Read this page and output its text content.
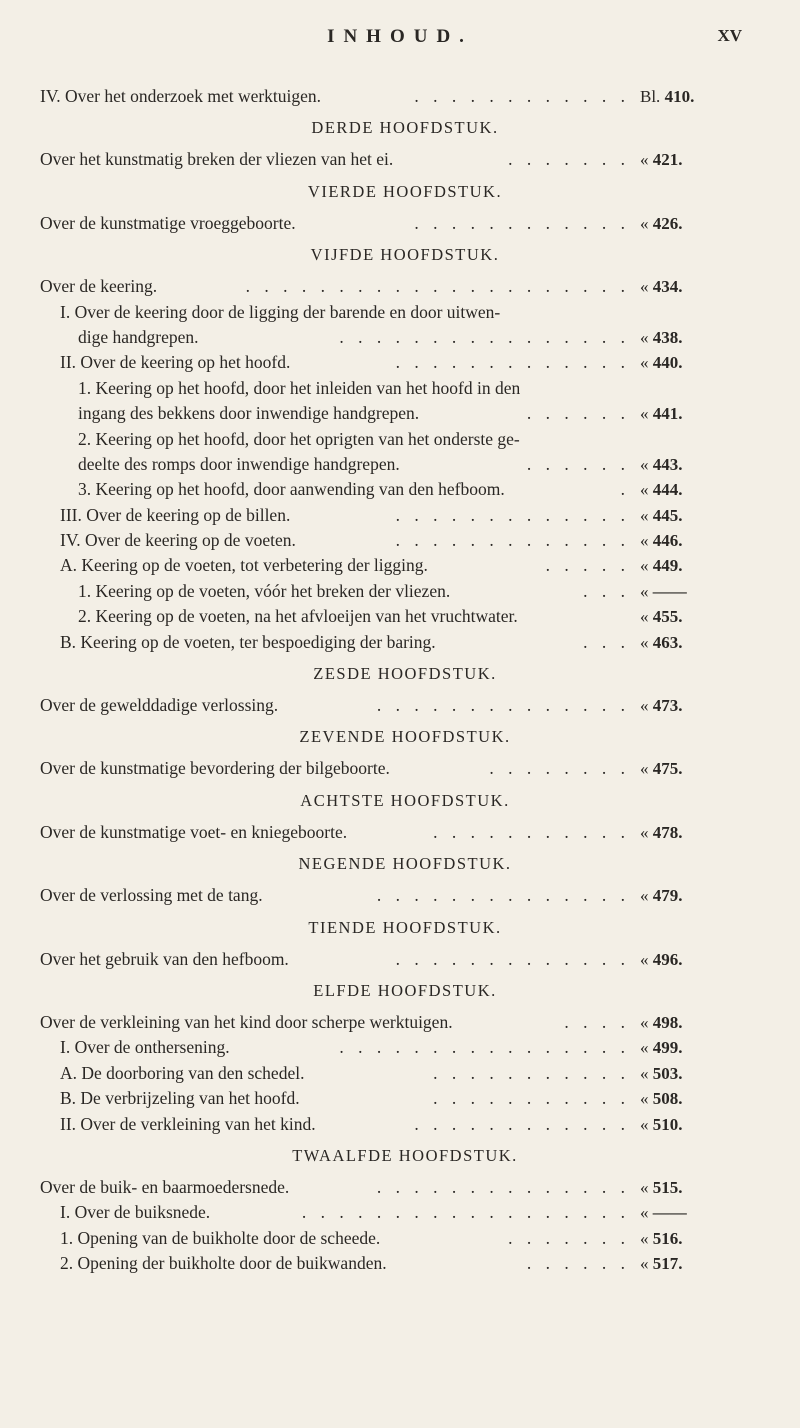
INHOUD.	XV
IV. Over het onderzoek met werktuigen.	. . . . . . . . . . . . Bl. 410.
DERDE HOOFDSTUK.
Over het kunstmatig breken der vliezen van het ei.	. . . . . . . « 421.
VIERDE HOOFDSTUK.
Over de kunstmatige vroeggeboorte.	. . . . . . . . . . . . « 426.
VIJFDE HOOFDSTUK.
Over de keering.	. . . . . . . . . . . . . . . . . . . . . « 434.
I. Over de keering door de ligging der barende en door uitwen-
dige handgrepen.	. . . . . . . . . . . . . . . . « 438.
II. Over de keering op het hoofd.	. . . . . . . . . . . . . « 440.
1. Keering op het hoofd, door het inleiden van het hoofd in den
ingang des bekkens door inwendige handgrepen.	. . . . . . « 441.
2. Keering op het hoofd, door het oprigten van het onderste ge-
deelte des romps door inwendige handgrepen.	. . . . . . « 443.
3. Keering op het hoofd, door aanwending van den hefboom.	. « 444.
III. Over de keering op de billen.	. . . . . . . . . . . . . « 445.
IV. Over de keering op de voeten.	. . . . . . . . . . . . . « 446.
A. Keering op de voeten, tot verbetering der ligging.	. . . . . « 449.
1. Keering op de voeten, vóór het breken der vliezen.	. . . « ——
2. Keering op de voeten, na het afvloeijen van het vruchtwater.	« 455.
B. Keering op de voeten, ter bespoediging der baring.	. . . « 463.
ZESDE HOOFDSTUK.
Over de gewelddadige verlossing.	. . . . . . . . . . . . . . « 473.
ZEVENDE HOOFDSTUK.
Over de kunstmatige bevordering der bilgeboorte.	. . . . . . . . « 475.
ACHTSTE HOOFDSTUK.
Over de kunstmatige voet- en kniegeboorte.	. . . . . . . . . . . « 478.
NEGENDE HOOFDSTUK.
Over de verlossing met de tang.	. . . . . . . . . . . . . . « 479.
TIENDE HOOFDSTUK.
Over het gebruik van den hefboom.	. . . . . . . . . . . . . « 496.
ELFDE HOOFDSTUK.
Over de verkleining van het kind door scherpe werktuigen.	. . . . « 498.
I. Over de onthersening.	. . . . . . . . . . . . . . . . « 499.
A. De doorboring van den schedel.	. . . . . . . . . . . « 503.
B. De verbrijzeling van het hoofd.	. . . . . . . . . . . « 508.
II. Over de verkleining van het kind.	. . . . . . . . . . . . « 510.
TWAALFDE HOOFDSTUK.
Over de buik- en baarmoedersnede.	. . . . . . . . . . . . . . « 515.
I. Over de buiksnede.	. . . . . . . . . . . . . . . . . . « ——
1. Opening van de buikholte door de scheede.	. . . . . . . « 516.
2. Opening der buikholte door de buikwanden.	. . . . . . « 517.
